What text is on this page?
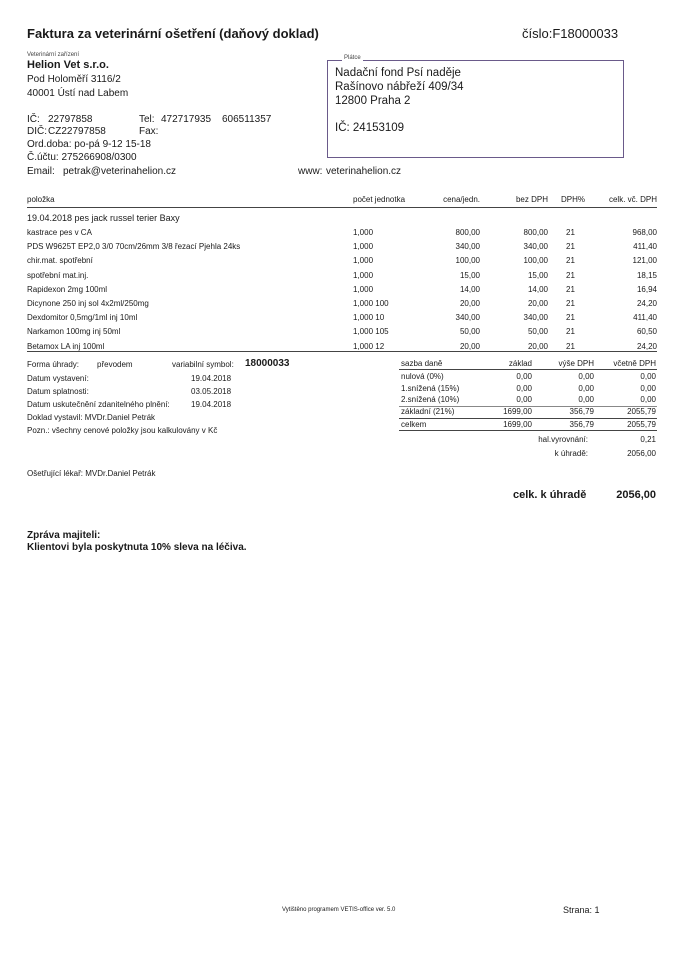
Faktura za veterinární ošetření (daňový doklad)	číslo:F18000033
Veterinární zařízení
Helion Vet s.r.o.
Pod Holoměří 3116/2
40001 Ústí nad Labem
IČ: 22797858
DIČ: CZ22797858
Tel: 472717935 606511357
Fax:
Ord.doba: po-pá 9-12 15-18
Č.účtu: 275266908/0300
Email: petrak@veterinahelion.cz	www: veterinahelion.cz
Plátce
Nadační fond Psí naděje
Rašínovo nábřeží 409/34
12800 Praha 2
IČ: 24153109
položka	počet jednotka	cena/jedn.	bez DPH DPH%	celk. vč. DPH
19.04.2018 pes jack russel terier Baxy
kastrace pes v CA	1,000	800,00	800,00 21	968,00
PDS W9625T EP2,0 3/0 70cm/26mm 3/8 řezací Pjehla 24ks	1,000	340,00	340,00 21	411,40
chir.mat. spotřební	1,000	100,00	100,00 21	121,00
spotřební mat.inj.	1,000	15,00	15,00 21	18,15
Rapidexon 2mg 100ml	1,000	14,00	14,00 21	16,94
Dicynone 250 inj sol 4x2ml/250mg	1,000 100	20,00	20,00 21	24,20
Dexdomitor 0,5mg/1ml inj 10ml	1,000 10	340,00	340,00 21	411,40
Narkamon 100mg inj 50ml	1,000 105	50,00	50,00 21	60,50
Betamox LA inj 100ml	1,000 12	20,00	20,00 21	24,20
Forma úhrady: převodem	variabilní symbol: 18000033
Datum vystavení:	19.04.2018
Datum splatnosti:	03.05.2018
Datum uskutečnění zdanitelného plnění:	19.04.2018
Doklad vystavil: MVDr.Daniel Petrák
Pozn.: všechny cenové položky jsou kalkulovány v Kč
sazba daně	základ	výše DPH	včetně DPH
nulová (0%)	0,00	0,00	0,00
1.snížená (15%)	0,00	0,00	0,00
2.snížená (10%)	0,00	0,00	0,00
základní (21%)	1699,00	356,79	2055,79
celkem	1699,00	356,79	2055,79
hal.vyrovnání:	0,21
k úhradě:	2056,00
Ošetřující lékař: MVDr.Daniel Petrák
celk. k úhradě	2056,00
Zpráva majiteli:
Klientovi byla poskytnuta 10% sleva na léčiva.
Vytištěno programem VETIS-office ver. 5.0	Strana: 1
